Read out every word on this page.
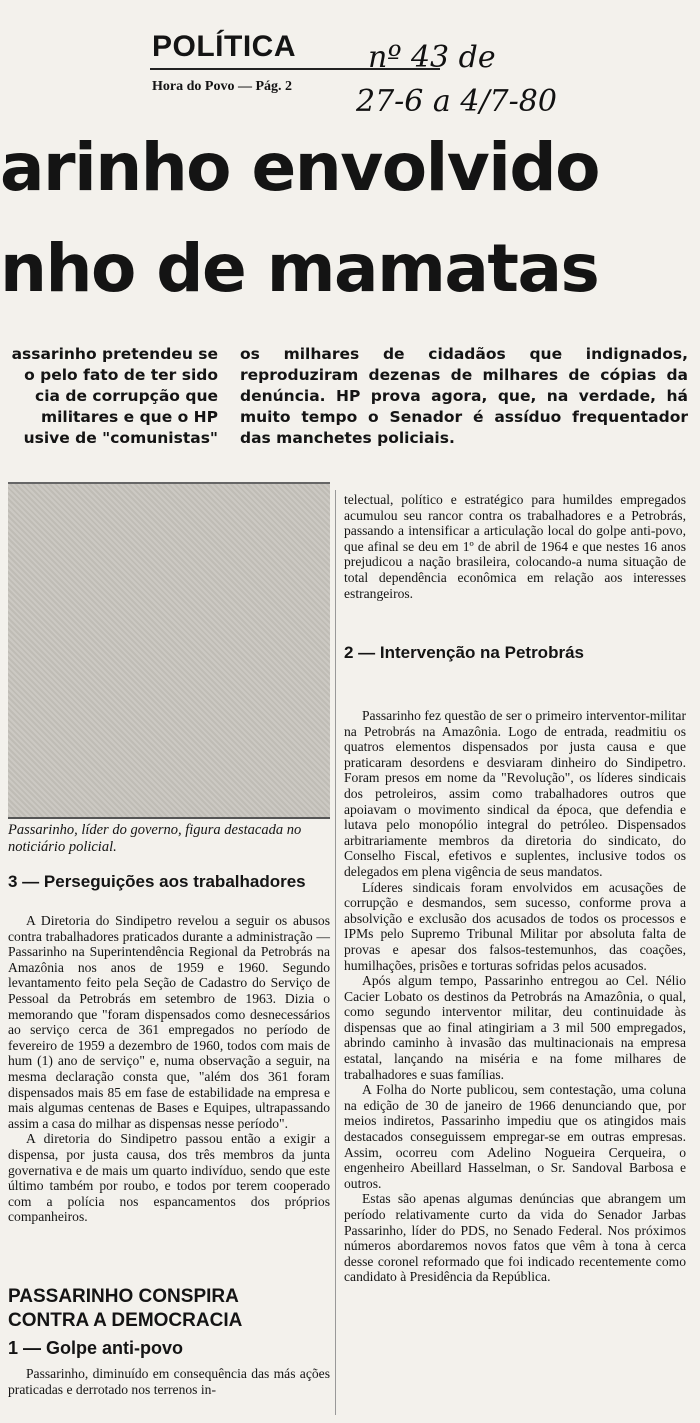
POLÍTICA
Hora do Povo — Pág. 2
nº 43 de
27-6 a 4/7-80
arinho envolvido
nho de mamatas
assarinho pretendeu se
o pelo fato de ter sido
cia de corrupção que
militares e que o HP
usive de "comunistas"
os milhares de cidadãos que indignados, reproduziram dezenas de milhares de cópias da denúncia. HP prova agora, que, na verdade, há muito tempo o Senador é assíduo frequentador das manchetes policiais.
Passarinho, líder do governo, figura destacada no noticiário policial.
3 — Perseguições aos trabalhadores

A Diretoria do Sindipetro revelou a seguir os abusos contra trabalhadores praticados durante a administração — Passarinho na Superintendência Regional da Petrobrás na Amazônia nos anos de 1959 e 1960. Segundo levantamento feito pela Seção de Cadastro do Serviço de Pessoal da Petrobrás em setembro de 1963. Dizia o memorando que "foram dispensados como desnecessários ao serviço cerca de 361 empregados no período de fevereiro de 1959 a dezembro de 1960, todos com mais de hum (1) ano de serviço" e, numa observação a seguir, na mesma declaração consta que, "além dos 361 foram dispensados mais 85 em fase de estabilidade na empresa e mais algumas centenas de Bases e Equipes, ultrapassando assim a casa do milhar as dispensas nesse período".

A diretoria do Sindipetro passou então a exigir a dispensa, por justa causa, dos três membros da junta governativa e de mais um quarto indivíduo, sendo que este último também por roubo, e todos por terem cooperado com a polícia nos espancamentos dos próprios companheiros.

PASSARINHO CONSPIRA
CONTRA A DEMOCRACIA
1 — Golpe anti-povo

Passarinho, diminuído em consequência das más ações praticadas e derrotado nos terrenos in-

telectual, político e estratégico para humildes empregados acumulou seu rancor contra os trabalhadores e a Petrobrás, passando a intensificar a articulação local do golpe anti-povo, que afinal se deu em 1º de abril de 1964 e que nestes 16 anos prejudicou a nação brasileira, colocando-a numa situação de total dependência econômica em relação aos interesses estrangeiros.

2 — Intervenção na Petrobrás

Passarinho fez questão de ser o primeiro interventor-militar na Petrobrás na Amazônia. Logo de entrada, readmitiu os quatros elementos dispensados por justa causa e que praticaram desordens e desviaram dinheiro do Sindipetro. Foram presos em nome da "Revolução", os líderes sindicais dos petroleiros, assim como trabalhadores outros que apoiavam o movimento sindical da época, que defendia e lutava pelo monopólio integral do petróleo. Dispensados arbitrariamente membros da diretoria do sindicato, do Conselho Fiscal, efetivos e suplentes, inclusive todos os delegados em plena vigência de seus mandatos.

Líderes sindicais foram envolvidos em acusações de corrupção e desmandos, sem sucesso, conforme prova a absolvição e exclusão dos acusados de todos os processos e IPMs pelo Supremo Tribunal Militar por absoluta falta de provas e apesar dos falsos-testemunhos, das coações, humilhações, prisões e torturas sofridas pelos acusados.

Após algum tempo, Passarinho entregou ao Cel. Nélio Cacier Lobato os destinos da Petrobrás na Amazônia, o qual, como segundo interventor militar, deu continuidade às dispensas que ao final atingiriam a 3 mil 500 empregados, abrindo caminho à invasão das multinacionais na empresa estatal, lançando na miséria e na fome milhares de trabalhadores e suas famílias.

A Folha do Norte publicou, sem contestação, uma coluna na edição de 30 de janeiro de 1966 denunciando que, por meios indiretos, Passarinho impediu que os atingidos mais destacados conseguissem empregar-se em outras empresas. Assim, ocorreu com Adelino Nogueira Cerqueira, o engenheiro Abeillard Hasselman, o Sr. Sandoval Barbosa e outros.

Estas são apenas algumas denúncias que abrangem um período relativamente curto da vida do Senador Jarbas Passarinho, líder do PDS, no Senado Federal. Nos próximos números abordaremos novos fatos que vêm à tona à cerca desse coronel reformado que foi indicado recentemente como candidato à Presidência da República.
